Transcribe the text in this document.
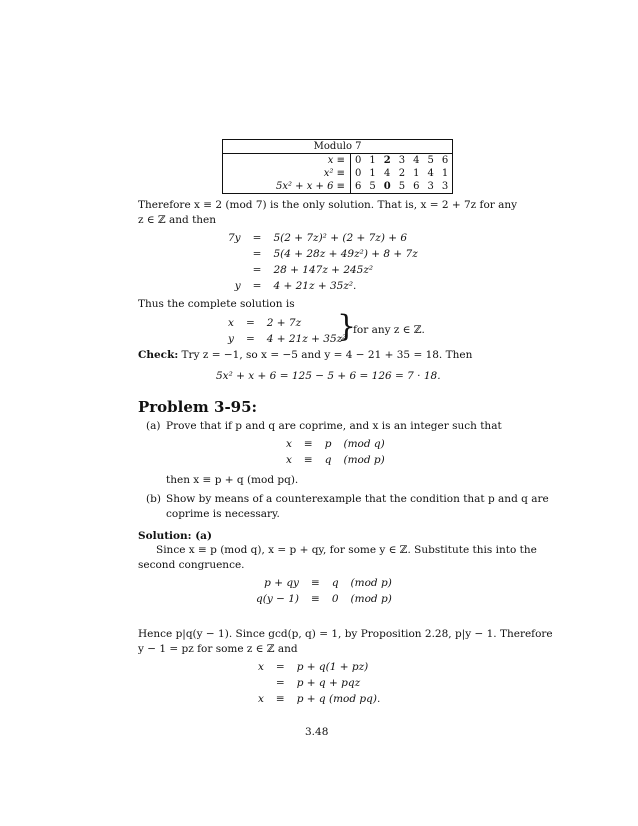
Modulo 7							
x ≡	0	1	2	3	4	5	6
x² ≡	0	1	4	2	1	4	1
5x² + x + 6 ≡	6	5	0	5	6	3	3
Therefore x ≡ 2 (mod 7) is the only solution. That is, x = 2 + 7z for any
z ∈ ℤ and then
7y	=	5(2 + 7z)² + (2 + 7z) + 6
	=	5(4 + 28z + 49z²) + 8 + 7z
	=	28 + 147z + 245z²
y	=	4 + 21z + 35z².
Thus the complete solution is
x	=	2 + 7z
y	=	4 + 21z + 35z²
}
for any z ∈ ℤ.
Check: Try z = −1, so x = −5 and y = 4 − 21 + 35 = 18. Then
5x² + x + 6 = 125 − 5 + 6 = 126 = 7 · 18.
Problem 3-95:
(a) Prove that if p and q are coprime, and x is an integer such that
x	≡	p	(mod q)
x	≡	q	(mod p)
then x ≡ p + q (mod pq).
(b) Show by means of a counterexample that the condition that p and q are
coprime is necessary.
Solution: (a)
Since x ≡ p (mod q), x = p + qy, for some y ∈ ℤ. Substitute this into the
second congruence.
p + qy	≡	q	(mod p)
q(y − 1)	≡	0	(mod p)
Hence p|q(y − 1). Since gcd(p, q) = 1, by Proposition 2.28, p|y − 1. Therefore
y − 1 = pz for some z ∈ ℤ and
x	=	p + q(1 + pz)
	=	p + q + pqz
x	≡	p + q (mod pq).
3.48
